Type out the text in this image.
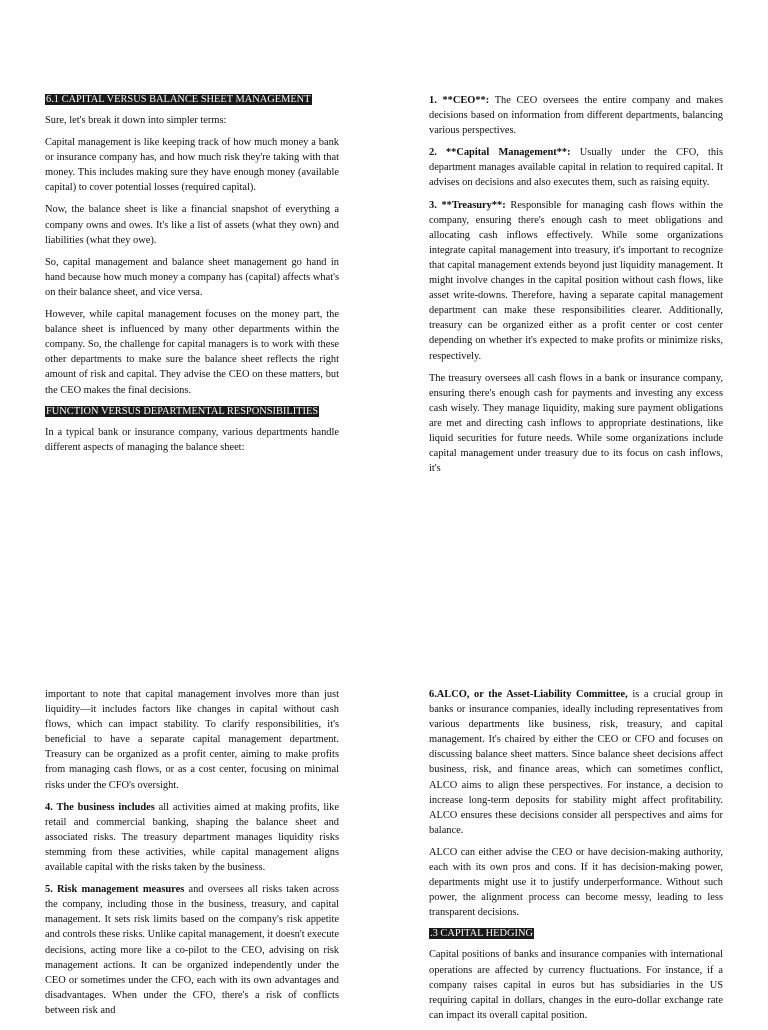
6.1 CAPITAL VERSUS BALANCE SHEET MANAGEMENT

Sure, let's break it down into simpler terms:

Capital management is like keeping track of how much money a bank or insurance company has, and how much risk they're taking with that money. This includes making sure they have enough money (available capital) to cover potential losses (required capital).

Now, the balance sheet is like a financial snapshot of everything a company owns and owes. It's like a list of assets (what they own) and liabilities (what they owe).

So, capital management and balance sheet management go hand in hand because how much money a company has (capital) affects what's on their balance sheet, and vice versa.

However, while capital management focuses on the money part, the balance sheet is influenced by many other departments within the company. So, the challenge for capital managers is to work with these other departments to make sure the balance sheet reflects the right amount of risk and capital. They advise the CEO on these matters, but the CEO makes the final decisions.

FUNCTION VERSUS DEPARTMENTAL RESPONSIBILITIES

In a typical bank or insurance company, various departments handle different aspects of managing the balance sheet:

1. **CEO**: The CEO oversees the entire company and makes decisions based on information from different departments, balancing various perspectives.

2. **Capital Management**: Usually under the CFO, this department manages available capital in relation to required capital. It advises on decisions and also executes them, such as raising equity.

3. **Treasury**: Responsible for managing cash flows within the company, ensuring there's enough cash to meet obligations and allocating cash inflows effectively. While some organizations integrate capital management into treasury, it's important to recognize that capital management extends beyond just liquidity management. It might involve changes in the capital position without cash flows, like asset write-downs. Therefore, having a separate capital management department can make these responsibilities clearer. Additionally, treasury can be organized either as a profit center or cost center depending on whether it's expected to make profits or minimize risks, respectively.

The treasury oversees all cash flows in a bank or insurance company, ensuring there's enough cash for payments and investing any excess cash wisely. They manage liquidity, making sure payment obligations are met and directing cash inflows to appropriate destinations, like liquid securities for future needs. While some organizations include capital management under treasury due to its focus on cash inflows, it's

important to note that capital management involves more than just liquidity—it includes factors like changes in capital without cash flows, which can impact stability. To clarify responsibilities, it's beneficial to have a separate capital management department. Treasury can be organized as a profit center, aiming to make profits from managing cash flows, or as a cost center, focusing on minimal risks under the CFO's oversight.

4. The business includes all activities aimed at making profits, like retail and commercial banking, shaping the balance sheet and associated risks. The treasury department manages liquidity risks stemming from these activities, while capital management aligns available capital with the risks taken by the business.

5. Risk management measures and oversees all risks taken across the company, including those in the business, treasury, and capital management. It sets risk limits based on the company's risk appetite and controls these risks. Unlike capital management, it doesn't execute decisions, acting more like a co-pilot to the CEO, advising on risk management actions. It can be organized independently under the CEO or sometimes under the CFO, each with its own advantages and disadvantages. When under the CFO, there's a risk of conflicts between risk and

6.ALCO, or the Asset-Liability Committee, is a crucial group in banks or insurance companies, ideally including representatives from various departments like business, risk, treasury, and capital management. It's chaired by either the CEO or CFO and focuses on discussing balance sheet matters. Since balance sheet decisions affect business, risk, and finance areas, which can sometimes conflict, ALCO aims to align these perspectives. For instance, a decision to increase long-term deposits for stability might affect profitability. ALCO ensures these decisions consider all perspectives and aims for balance.

ALCO can either advise the CEO or have decision-making authority, each with its own pros and cons. If it has decision-making power, departments might use it to justify underperformance. Without such power, the alignment process can become messy, leading to less transparent decisions.

.3 CAPITAL HEDGING

Capital positions of banks and insurance companies with international operations are affected by currency fluctuations. For instance, if a company raises capital in euros but has subsidiaries in the US requiring capital in dollars, changes in the euro-dollar exchange rate can impact its overall capital position.
